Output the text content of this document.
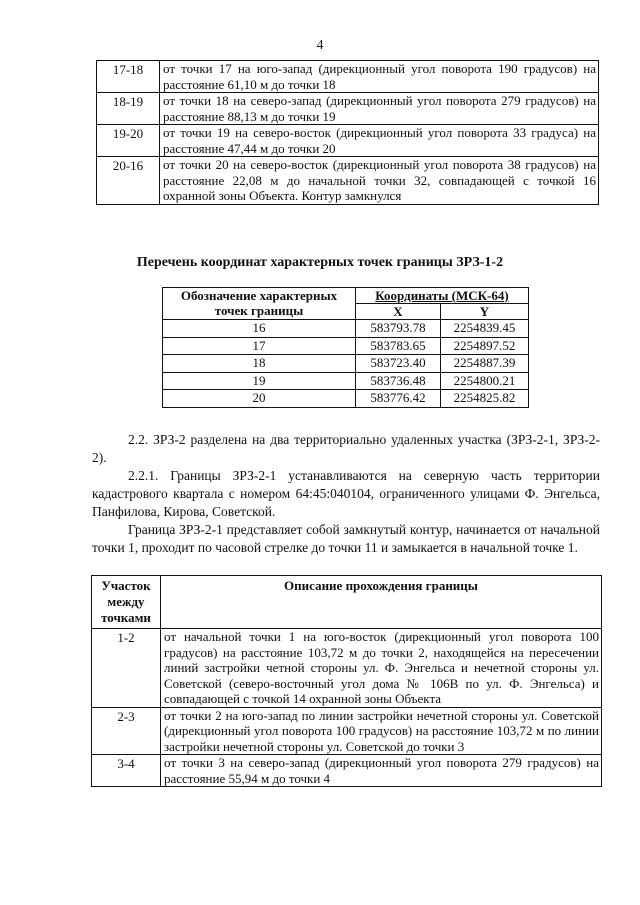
4
17-18	от точки 17 на юго-запад (дирекционный угол поворота 190 градусов) на расстояние 61,10 м до точки 18
18-19	от точки 18 на северо-запад (дирекционный угол поворота 279 градусов) на расстояние 88,13 м до точки 19
19-20	от точки 19 на северо-восток (дирекционный угол поворота 33 градуса) на расстояние 47,44 м до точки 20
20-16	от точки 20 на северо-восток (дирекционный угол поворота 38 градусов) на расстояние 22,08 м до начальной точки 32, совпадающей с точкой 16 охранной зоны Объекта. Контур замкнулся
Перечень координат характерных точек границы ЗРЗ-1-2
Обозначение характерных точек границы	Координаты (МСК-64)	
	X	Y
16	583793.78	2254839.45
17	583783.65	2254897.52
18	583723.40	2254887.39
19	583736.48	2254800.21
20	583776.42	2254825.82

2.2. ЗРЗ-2 разделена на два территориально удаленных участка (ЗРЗ-2-1, ЗРЗ-2-2).

2.2.1. Границы ЗРЗ-2-1 устанавливаются на северную часть территории кадастрового квартала с номером 64:45:040104, ограниченного улицами Ф. Энгельса, Панфилова, Кирова, Советской.

Граница ЗРЗ-2-1 представляет собой замкнутый контур, начинается от начальной точки 1, проходит по часовой стрелке до точки 11 и замыкается в начальной точке 1.

Участок между точками	Описание прохождения границы
1-2	от начальной точки 1 на юго-восток (дирекционный угол поворота 100 градусов) на расстояние 103,72 м до точки 2, находящейся на пересечении линий застройки четной стороны ул. Ф. Энгельса и нечетной стороны ул. Советской (северо-восточный угол дома № 106В по ул. Ф. Энгельса) и совпадающей с точкой 14 охранной зоны Объекта
2-3	от точки 2 на юго-запад по линии застройки нечетной стороны ул. Советской (дирекционный угол поворота 100 градусов) на расстояние 103,72 м по линии застройки нечетной стороны ул. Советской до точки 3
3-4	от точки 3 на северо-запад (дирекционный угол поворота 279 градусов) на расстояние 55,94 м до точки 4
